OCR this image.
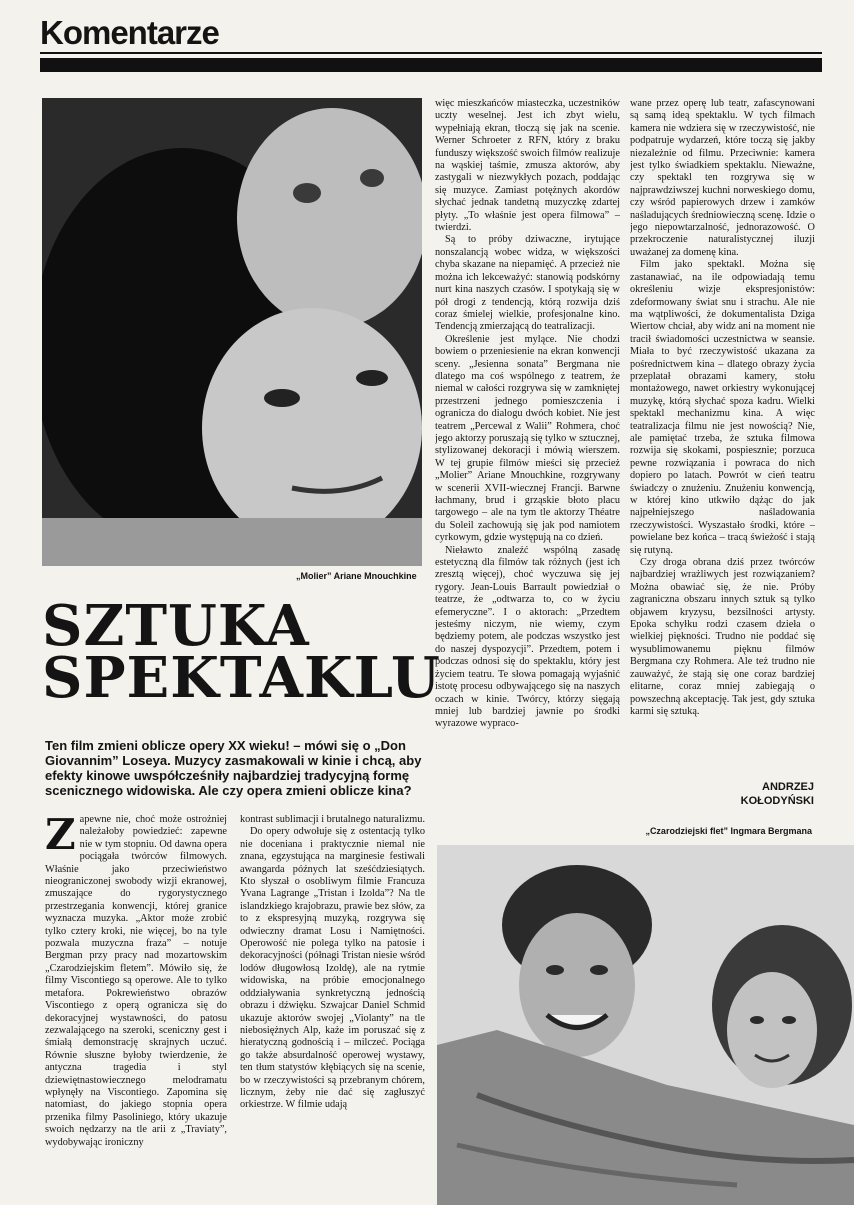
Komentarze
„Molier” Ariane Mnouchkine
SZTUKA
SPEKTAKLU

Ten film zmieni oblicze opery XX wieku! – mówi się o „Don Giovannim” Loseya. Muzycy zasmakowali w kinie i chcą, aby efekty kinowe uwspółcześniły najbardziej tradycyjną formę scenicznego widowiska. Ale czy opera zmieni oblicze kina?

Zapewne nie, choć może ostrożniej należałoby powiedzieć: zapewne nie w tym stopniu. Od dawna opera pociągała twórców filmowych. Właśnie jako przeciwieństwo nieograniczonej swobody wizji ekranowej, zmuszające do rygorystycznego przestrzegania konwencji, której granice wyznacza muzyka. „Aktor może zrobić tylko cztery kroki, nie więcej, bo na tyle pozwala muzyczna fraza” – notuje Bergman przy pracy nad mozartowskim „Czarodziejskim fletem”. Mówiło się, że filmy Viscontiego są operowe. Ale to tylko metafora. Pokrewieństwo obrazów Viscontiego z operą ogranicza się do dekoracyjnej wystawności, do patosu zezwalającego na szeroki, sceniczny gest i śmiałą demonstrację skrajnych uczuć. Równie słuszne byłoby twierdzenie, że antyczna tragedia i styl dziewiętnastowiecznego melodramatu wpłynęły na Viscontiego. Zapomina się natomiast, do jakiego stopnia opera przenika filmy Pasoliniego, który ukazuje swoich nędzarzy na tle arii z „Traviaty”, wydobywając ironiczny

kontrast sublimacji i brutalnego naturalizmu.

Do opery odwołuje się z ostentacją tylko nie doceniana i praktycznie niemal nie znana, egzystująca na marginesie festiwali awangarda późnych lat sześćdziesiątych. Kto słyszał o osobliwym filmie Francuza Yvana Lagrange „Tristan i Izolda”? Na tle islandzkiego krajobrazu, prawie bez słów, za to z ekspresyjną muzyką, rozgrywa się odwieczny dramat Losu i Namiętności. Operowość nie polega tylko na patosie i dekoracyjności (półnagi Tristan niesie wśród lodów długowłosą Izoldę), ale na rytmie widowiska, na próbie emocjonalnego oddziaływania synkretyczną jednością obrazu i dźwięku. Szwajcar Daniel Schmid ukazuje aktorów swojej „Violanty” na tle niebosiężnych Alp, każe im poruszać się z hieratyczną godnością i – milczeć. Pociąga go także absurdalność operowej wystawy, ten tłum statystów kłębiących się na scenie, bo w rzeczywistości są przebranym chórem, licznym, żeby nie dać się zagłuszyć orkiestrze. W filmie udają

więc mieszkańców miasteczka, uczestników uczty weselnej. Jest ich zbyt wielu, wypełniają ekran, tłoczą się jak na scenie. Werner Schroeter z RFN, który z braku funduszy większość swoich filmów realizuje na wąskiej taśmie, zmusza aktorów, aby zastygali w niezwykłych pozach, poddając się muzyce. Zamiast potężnych akordów słychać jednak tandetną muzyczkę zdartej płyty. „To właśnie jest opera filmowa” – twierdzi.

Są to próby dziwaczne, irytujące nonszalancją wobec widza, w większości chyba skazane na niepamięć. A przecież nie można ich lekceważyć: stanowią podskórny nurt kina naszych czasów. I spotykają się w pół drogi z tendencją, którą rozwija dziś coraz śmielej wielkie, profesjonalne kino. Tendencją zmierzającą do teatralizacji.

Określenie jest mylące. Nie chodzi bowiem o przeniesienie na ekran konwencji sceny. „Jesienna sonata” Bergmana nie dlatego ma coś wspólnego z teatrem, że niemal w całości rozgrywa się w zamkniętej przestrzeni jednego pomieszczenia i ogranicza do dialogu dwóch kobiet. Nie jest teatrem „Percewal z Walii” Rohmera, choć jego aktorzy poruszają się tylko w sztucznej, stylizowanej dekoracji i mówią wierszem. W tej grupie filmów mieści się przecież „Molier” Ariane Mnouchkine, rozgrywany w scenerii XVII-wiecznej Francji. Barwne łachmany, brud i grząskie błoto placu targowego – ale na tym tle aktorzy Théatre du Soleil zachowują się jak pod namiotem cyrkowym, gdzie występują na co dzień.

Nieławto znaleźć wspólną zasadę estetyczną dla filmów tak różnych (jest ich zresztą więcej), choć wyczuwa się jej rygory. Jean-Louis Barrault powiedział o teatrze, że „odtwarza to, co w życiu efemeryczne”. I o aktorach: „Przedtem jesteśmy niczym, nie wiemy, czym będziemy potem, ale podczas wszystko jest do naszej dyspozycji”. Przedtem, potem i podczas odnosi się do spektaklu, który jest życiem teatru. Te słowa pomagają wyjaśnić istotę procesu odbywającego się na naszych oczach w kinie. Twórcy, którzy sięgają mniej lub bardziej jawnie po środki wyrazowe wypraco-

wane przez operę lub teatr, zafascynowani są samą ideą spektaklu. W tych filmach kamera nie wdziera się w rzeczywistość, nie podpatruje wydarzeń, które toczą się jakby niezależnie od filmu. Przeciwnie: kamera jest tylko świadkiem spektaklu. Nieważne, czy spektakl ten rozgrywa się w najprawdziwszej kuchni norweskiego domu, czy wśród papierowych drzew i zamków naśladujących średniowieczną scenę. Idzie o jego niepowtarzalność, jednorazowość. O przekroczenie naturalistycznej iluzji uważanej za domenę kina.

Film jako spektakl. Można się zastanawiać, na ile odpowiadają temu określeniu wizje ekspresjonistów: zdeformowany świat snu i strachu. Ale nie ma wątpliwości, że dokumentalista Dziga Wiertow chciał, aby widz ani na moment nie tracił świadomości uczestnictwa w seansie. Miała to być rzeczywistość ukazana za pośrednictwem kina – dlatego obrazy życia przeplatał obrazami kamery, stołu montażowego, nawet orkiestry wykonującej muzykę, którą słychać spoza kadru. Wielki spektakl mechanizmu kina. A więc teatralizacja filmu nie jest nowością? Nie, ale pamiętać trzeba, że sztuka filmowa rozwija się skokami, pospiesznie; porzuca pewne rozwiązania i powraca do nich dopiero po latach. Powrót w cień teatru świadczy o znużeniu. Znużeniu konwencją, w której kino utkwiło dążąc do jak najpełniejszego naśladowania rzeczywistości. Wyszastało środki, które – powielane bez końca – tracą świeżość i stają się rutyną.

Czy droga obrana dziś przez twórców najbardziej wrażliwych jest rozwiązaniem? Można obawiać się, że nie. Próby zagraniczna obszaru innych sztuk są tylko objawem kryzysu, bezsilności artysty. Epoka schyłku rodzi czasem dzieła o wielkiej piękności. Trudno nie poddać się wysublimowanemu pięknu filmów Bergmana czy Rohmera. Ale też trudno nie zauważyć, że stają się one coraz bardziej elitarne, coraz mniej zabiegają o powszechną akceptację. Tak jest, gdy sztuka karmi się sztuką.

ANDRZEJ
KOŁODYŃSKI
„Czarodziejski flet” Ingmara Bergmana
